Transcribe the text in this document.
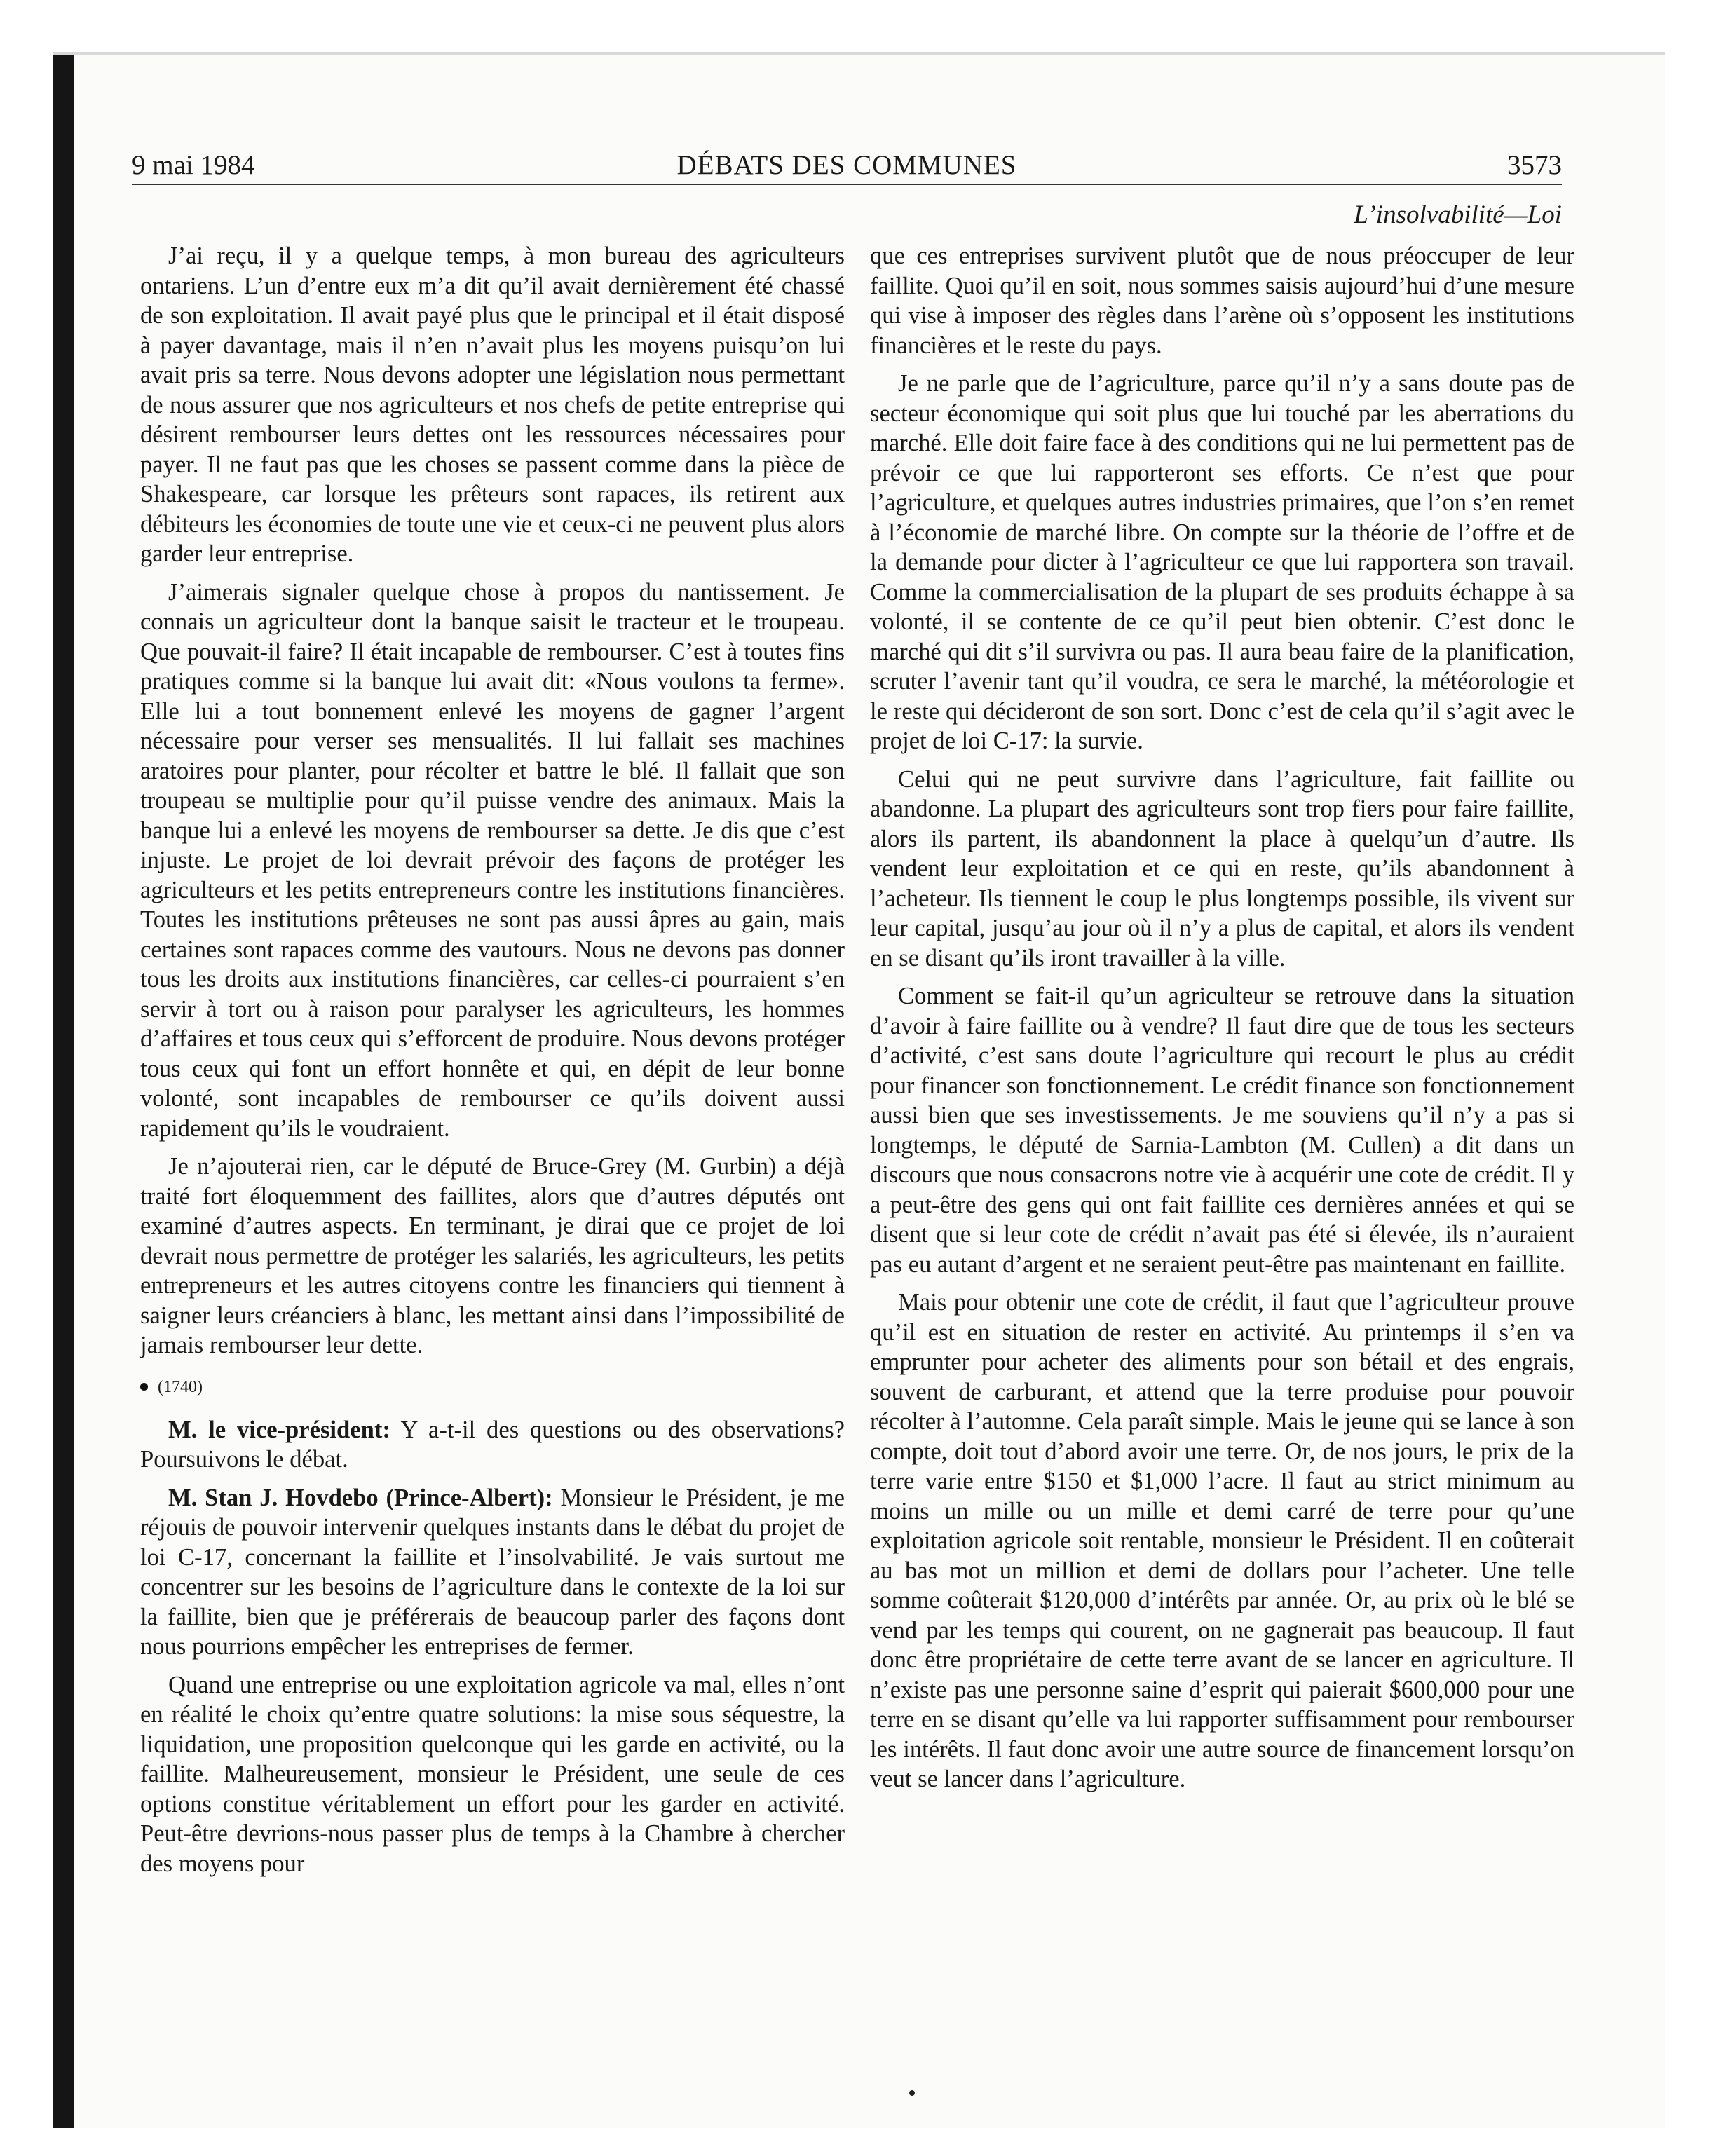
9 mai 1984	DÉBATS DES COMMUNES	3573
L’insolvabilité—Loi

J’ai reçu, il y a quelque temps, à mon bureau des agriculteurs ontariens. L’un d’entre eux m’a dit qu’il avait dernièrement été chassé de son exploitation. Il avait payé plus que le principal et il était disposé à payer davantage, mais il n’en n’avait plus les moyens puisqu’on lui avait pris sa terre. Nous devons adopter une législation nous permettant de nous assurer que nos agriculteurs et nos chefs de petite entreprise qui désirent rembourser leurs dettes ont les ressources nécessaires pour payer. Il ne faut pas que les choses se passent comme dans la pièce de Shakespeare, car lorsque les prêteurs sont rapaces, ils retirent aux débiteurs les économies de toute une vie et ceux-ci ne peuvent plus alors garder leur entreprise.

J’aimerais signaler quelque chose à propos du nantissement. Je connais un agriculteur dont la banque saisit le tracteur et le troupeau. Que pouvait-il faire? Il était incapable de rembourser. C’est à toutes fins pratiques comme si la banque lui avait dit: «Nous voulons ta ferme». Elle lui a tout bonnement enlevé les moyens de gagner l’argent nécessaire pour verser ses mensualités. Il lui fallait ses machines aratoires pour planter, pour récolter et battre le blé. Il fallait que son troupeau se multiplie pour qu’il puisse vendre des animaux. Mais la banque lui a enlevé les moyens de rembourser sa dette. Je dis que c’est injuste. Le projet de loi devrait prévoir des façons de protéger les agriculteurs et les petits entrepreneurs contre les institutions financières. Toutes les institutions prêteuses ne sont pas aussi âpres au gain, mais certaines sont rapaces comme des vautours. Nous ne devons pas donner tous les droits aux institutions financières, car celles-ci pourraient s’en servir à tort ou à raison pour paralyser les agriculteurs, les hommes d’affaires et tous ceux qui s’efforcent de produire. Nous devons protéger tous ceux qui font un effort honnête et qui, en dépit de leur bonne volonté, sont incapables de rembourser ce qu’ils doivent aussi rapidement qu’ils le voudraient.

Je n’ajouterai rien, car le député de Bruce-Grey (M. Gurbin) a déjà traité fort éloquemment des faillites, alors que d’autres députés ont examiné d’autres aspects. En terminant, je dirai que ce projet de loi devrait nous permettre de protéger les salariés, les agriculteurs, les petits entrepreneurs et les autres citoyens contre les financiers qui tiennent à saigner leurs créanciers à blanc, les mettant ainsi dans l’impossibilité de jamais rembourser leur dette.

(1740)

M. le vice-président: Y a-t-il des questions ou des observations? Poursuivons le débat.

M. Stan J. Hovdebo (Prince-Albert): Monsieur le Président, je me réjouis de pouvoir intervenir quelques instants dans le débat du projet de loi C-17, concernant la faillite et l’insolvabilité. Je vais surtout me concentrer sur les besoins de l’agriculture dans le contexte de la loi sur la faillite, bien que je préférerais de beaucoup parler des façons dont nous pourrions empêcher les entreprises de fermer.

Quand une entreprise ou une exploitation agricole va mal, elles n’ont en réalité le choix qu’entre quatre solutions: la mise sous séquestre, la liquidation, une proposition quelconque qui les garde en activité, ou la faillite. Malheureusement, monsieur le Président, une seule de ces options constitue véritablement un effort pour les garder en activité. Peut-être devrions-nous passer plus de temps à la Chambre à chercher des moyens pour

que ces entreprises survivent plutôt que de nous préoccuper de leur faillite. Quoi qu’il en soit, nous sommes saisis aujourd’hui d’une mesure qui vise à imposer des règles dans l’arène où s’opposent les institutions financières et le reste du pays.

Je ne parle que de l’agriculture, parce qu’il n’y a sans doute pas de secteur économique qui soit plus que lui touché par les aberrations du marché. Elle doit faire face à des conditions qui ne lui permettent pas de prévoir ce que lui rapporteront ses efforts. Ce n’est que pour l’agriculture, et quelques autres industries primaires, que l’on s’en remet à l’économie de marché libre. On compte sur la théorie de l’offre et de la demande pour dicter à l’agriculteur ce que lui rapportera son travail. Comme la commercialisation de la plupart de ses produits échappe à sa volonté, il se contente de ce qu’il peut bien obtenir. C’est donc le marché qui dit s’il survivra ou pas. Il aura beau faire de la planification, scruter l’avenir tant qu’il voudra, ce sera le marché, la météorologie et le reste qui décideront de son sort. Donc c’est de cela qu’il s’agit avec le projet de loi C-17: la survie.

Celui qui ne peut survivre dans l’agriculture, fait faillite ou abandonne. La plupart des agriculteurs sont trop fiers pour faire faillite, alors ils partent, ils abandonnent la place à quelqu’un d’autre. Ils vendent leur exploitation et ce qui en reste, qu’ils abandonnent à l’acheteur. Ils tiennent le coup le plus longtemps possible, ils vivent sur leur capital, jusqu’au jour où il n’y a plus de capital, et alors ils vendent en se disant qu’ils iront travailler à la ville.

Comment se fait-il qu’un agriculteur se retrouve dans la situation d’avoir à faire faillite ou à vendre? Il faut dire que de tous les secteurs d’activité, c’est sans doute l’agriculture qui recourt le plus au crédit pour financer son fonctionnement. Le crédit finance son fonctionnement aussi bien que ses investissements. Je me souviens qu’il n’y a pas si longtemps, le député de Sarnia-Lambton (M. Cullen) a dit dans un discours que nous consacrons notre vie à acquérir une cote de crédit. Il y a peut-être des gens qui ont fait faillite ces dernières années et qui se disent que si leur cote de crédit n’avait pas été si élevée, ils n’auraient pas eu autant d’argent et ne seraient peut-être pas maintenant en faillite.

Mais pour obtenir une cote de crédit, il faut que l’agriculteur prouve qu’il est en situation de rester en activité. Au printemps il s’en va emprunter pour acheter des aliments pour son bétail et des engrais, souvent de carburant, et attend que la terre produise pour pouvoir récolter à l’automne. Cela paraît simple. Mais le jeune qui se lance à son compte, doit tout d’abord avoir une terre. Or, de nos jours, le prix de la terre varie entre $150 et $1,000 l’acre. Il faut au strict minimum au moins un mille ou un mille et demi carré de terre pour qu’une exploitation agricole soit rentable, monsieur le Président. Il en coûterait au bas mot un million et demi de dollars pour l’acheter. Une telle somme coûterait $120,000 d’intérêts par année. Or, au prix où le blé se vend par les temps qui courent, on ne gagnerait pas beaucoup. Il faut donc être propriétaire de cette terre avant de se lancer en agriculture. Il n’existe pas une personne saine d’esprit qui paierait $600,000 pour une terre en se disant qu’elle va lui rapporter suffisamment pour rembourser les intérêts. Il faut donc avoir une autre source de financement lorsqu’on veut se lancer dans l’agriculture.
